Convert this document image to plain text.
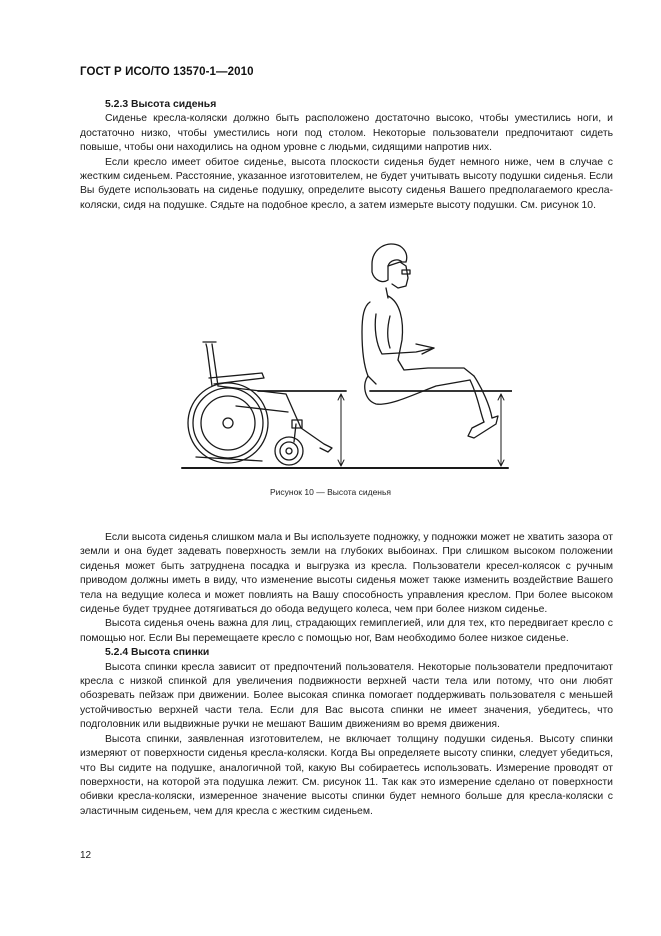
ГОСТ Р ИСО/ТО 13570-1—2010
5.2.3 Высота сиденья

Сиденье кресла-коляски должно быть расположено достаточно высоко, чтобы уместились ноги, и достаточно низко, чтобы уместились ноги под столом. Некоторые пользователи предпочитают сидеть повыше, чтобы они находились на одном уровне с людьми, сидящими напротив них.

Если кресло имеет обитое сиденье, высота плоскости сиденья будет немного ниже, чем в случае с жестким сиденьем. Расстояние, указанное изготовителем, не будет учитывать высоту подушки сиденья. Если Вы будете использовать на сиденье подушку, определите высоту сиденья Вашего предполагаемого кресла-коляски, сидя на подушке. Сядьте на подобное кресло, а затем измерьте высоту подушки. См. рисунок 10.

Рисунок 10 — Высота сиденья

Если высота сиденья слишком мала и Вы используете подножку, у подножки может не хватить зазора от земли и она будет задевать поверхность земли на глубоких выбоинах. При слишком высоком положении сиденья может быть затруднена посадка и выгрузка из кресла. Пользователи кресел-колясок с ручным приводом должны иметь в виду, что изменение высоты сиденья может также изменить воздействие Вашего тела на ведущие колеса и может повлиять на Вашу способность управления креслом. При более высоком сиденье будет труднее дотягиваться до обода ведущего колеса, чем при более низком сиденье.

Высота сиденья очень важна для лиц, страдающих гемиплегией, или для тех, кто передвигает кресло с помощью ног. Если Вы перемещаете кресло с помощью ног, Вам необходимо более низкое сиденье.

5.2.4 Высота спинки

Высота спинки кресла зависит от предпочтений пользователя. Некоторые пользователи предпочитают кресла с низкой спинкой для увеличения подвижности верхней части тела или потому, что они любят обозревать пейзаж при движении. Более высокая спинка помогает поддерживать пользователя с меньшей устойчивостью верхней части тела. Если для Вас высота спинки не имеет значения, убедитесь, что подголовник или выдвижные ручки не мешают Вашим движениям во время движения.

Высота спинки, заявленная изготовителем, не включает толщину подушки сиденья. Высоту спинки измеряют от поверхности сиденья кресла-коляски. Когда Вы определяете высоту спинки, следует убедиться, что Вы сидите на подушке, аналогичной той, какую Вы собираетесь использовать. Измерение проводят от поверхности, на которой эта подушка лежит. См. рисунок 11. Так как это измерение сделано от поверхности обивки кресла-коляски, измеренное значение высоты спинки будет немного больше для кресла-коляски с эластичным сиденьем, чем для кресла с жестким сиденьем.

12
